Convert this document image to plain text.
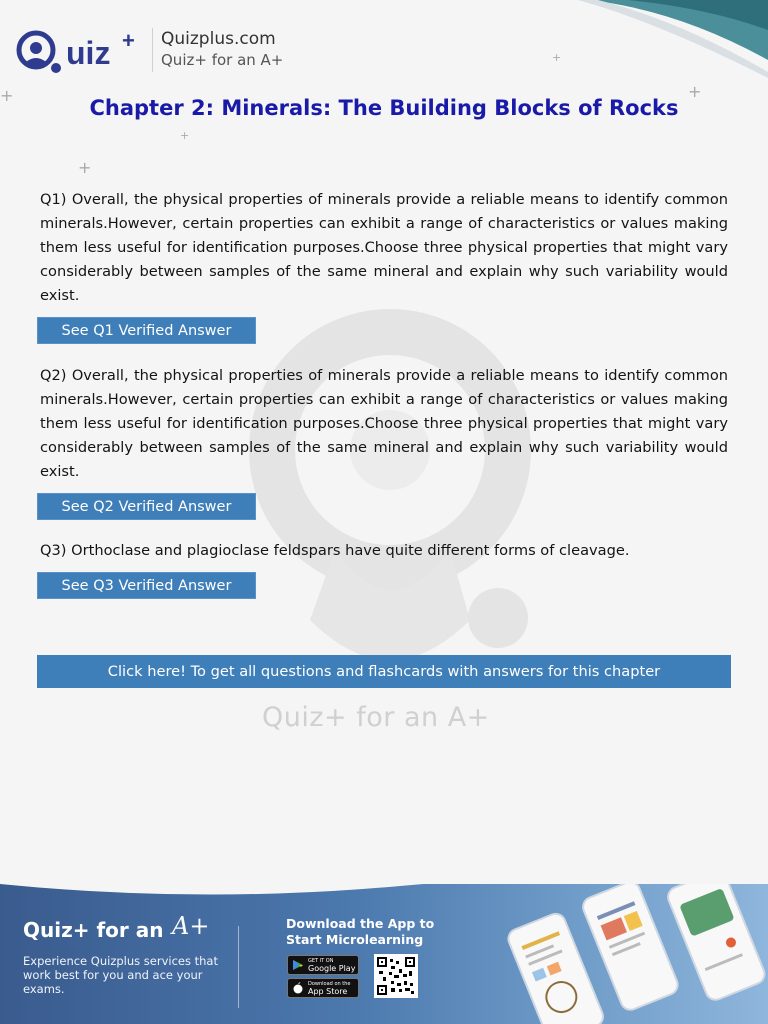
+
+
+
+
+
Quiz+ for an A+
uiz + Quizplus.com
Quiz+ for an A+
Chapter 2: Minerals: The Building Blocks of Rocks

Q1) Overall, the physical properties of minerals provide a reliable means to identify common minerals.However, certain properties can exhibit a range of characteristics or values making them less useful for identification purposes.Choose three physical properties that might vary considerably between samples of the same mineral and explain why such variability would exist.

See Q1 Verified Answer

Q2) Overall, the physical properties of minerals provide a reliable means to identify common minerals.However, certain properties can exhibit a range of characteristics or values making them less useful for identification purposes.Choose three physical properties that might vary considerably between samples of the same mineral and explain why such variability would exist.

See Q2 Verified Answer

Q3) Orthoclase and plagioclase feldspars have quite different forms of cleavage.

See Q3 Verified Answer
Click here! To get all questions and flashcards with answers for this chapter
Quiz+ for an A+
Experience Quizplus services that work best for you and ace your exams.
Download the App to Start Microlearning
GET IT ON
Google Play
Download on the
App Store
